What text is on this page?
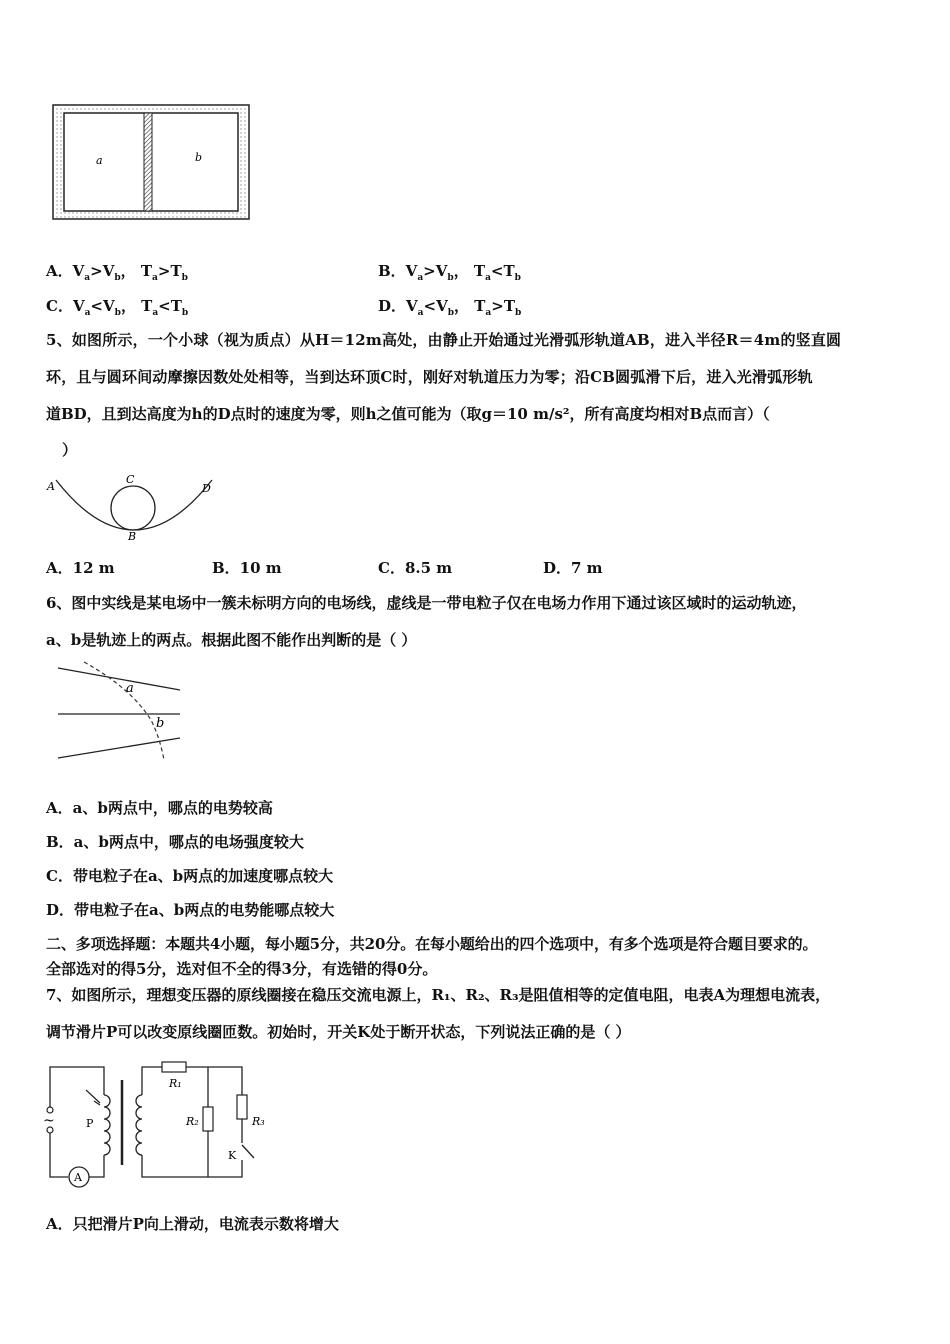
a	b
A．$V_a>V_b$， $T_a>T_b$	B．$V_a>V_b$， $T_a<T_b$
C．$V_a<V_b$， $T_a<T_b$	D．$V_a<V_b$， $T_a>T_b$
5、如图所示，一个小球（视为质点）从H＝12m高处，由静止开始通过光滑弧形轨道AB，进入半径R＝4m的竖直圆
环，且与圆环间动摩擦因数处处相等，当到达环顶C时，刚好对轨道压力为零；沿CB圆弧滑下后，进入光滑弧形轨
道BD，且到达高度为h的D点时的速度为零，则h之值可能为（取g＝10 m/s²，所有高度均相对B点而言）（
）
A
C
D
B
A．12 m	B．10 m	C．8.5 m	D．7 m
6、图中实线是某电场中一簇未标明方向的电场线，虚线是一带电粒子仅在电场力作用下通过该区域时的运动轨迹，
a、b是轨迹上的两点。根据此图不能作出判断的是（ ）
a
b
A．a、b两点中，哪点的电势较高
B．a、b两点中，哪点的电场强度较大
C．带电粒子在a、b两点的加速度哪点较大
D．带电粒子在a、b两点的电势能哪点较大
二、多项选择题：本题共4小题，每小题5分，共20分。在每小题给出的四个选项中，有多个选项是符合题目要求的。
全部选对的得5分，选对但不全的得3分，有选错的得0分。
7、如图所示，理想变压器的原线圈接在稳压交流电源上，R₁、R₂、R₃是阻值相等的定值电阻，电表A为理想电流表，
调节滑片P可以改变原线圈匝数。初始时，开关K处于断开状态，下列说法正确的是（ ）
A
~	P
R₁
R₂	R₃
K
A．只把滑片P向上滑动，电流表示数将增大
